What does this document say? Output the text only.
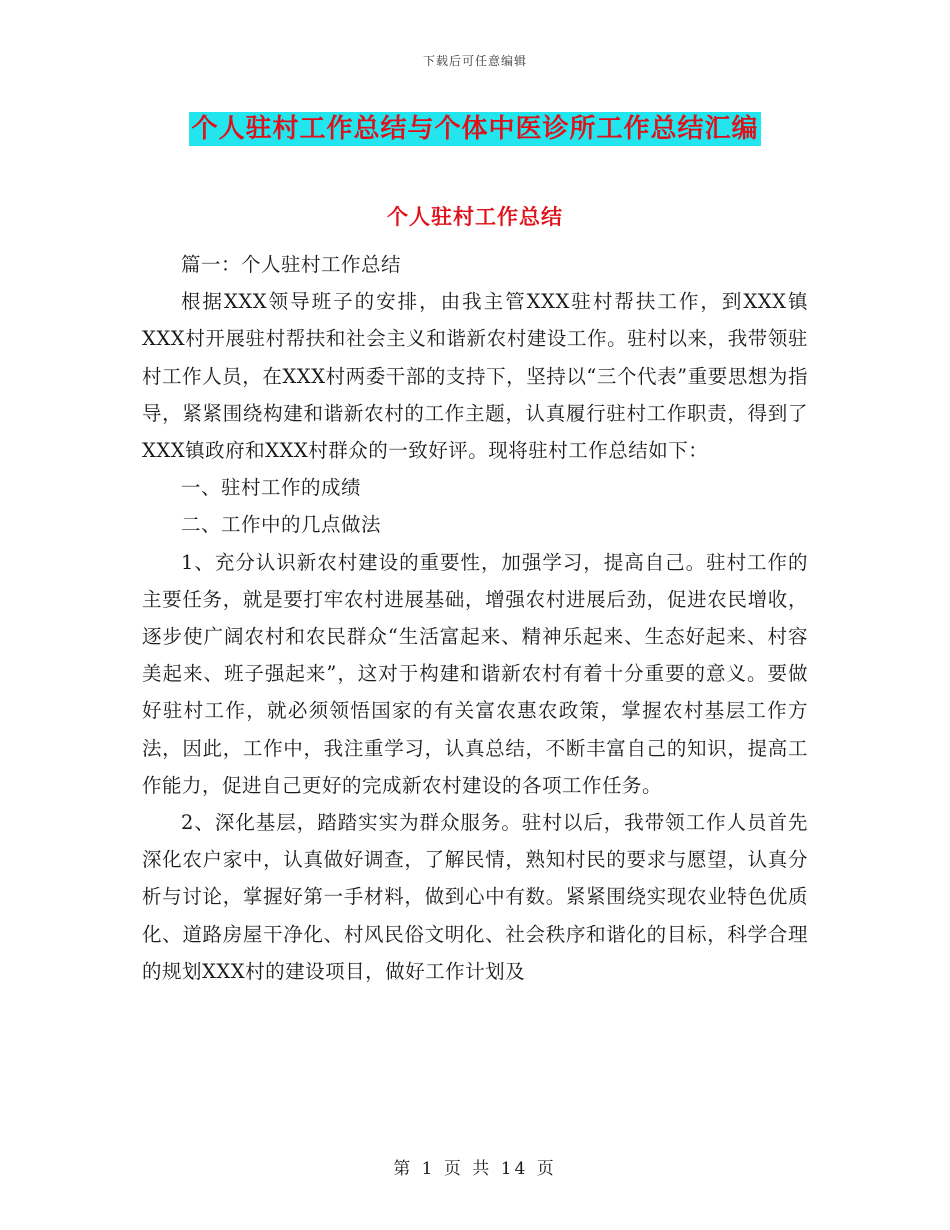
下载后可任意编辑
个人驻村工作总结与个体中医诊所工作总结汇编
个人驻村工作总结

篇一：个人驻村工作总结

根据XXX领导班子的安排，由我主管XXX驻村帮扶工作，到XXX镇XXX村开展驻村帮扶和社会主义和谐新农村建设工作。驻村以来，我带领驻村工作人员，在XXX村两委干部的支持下，坚持以“三个代表”重要思想为指导，紧紧围绕构建和谐新农村的工作主题，认真履行驻村工作职责，得到了XXX镇政府和XXX村群众的一致好评。现将驻村工作总结如下：

一、驻村工作的成绩

二、工作中的几点做法

1、充分认识新农村建设的重要性，加强学习，提高自己。驻村工作的主要任务，就是要打牢农村进展基础，增强农村进展后劲，促进农民增收，逐步使广阔农村和农民群众“生活富起来、精神乐起来、生态好起来、村容美起来、班子强起来”，这对于构建和谐新农村有着十分重要的意义。要做好驻村工作，就必须领悟国家的有关富农惠农政策，掌握农村基层工作方法，因此，工作中，我注重学习，认真总结，不断丰富自己的知识，提高工作能力，促进自己更好的完成新农村建设的各项工作任务。

2、深化基层，踏踏实实为群众服务。驻村以后，我带领工作人员首先深化农户家中，认真做好调查，了解民情，熟知村民的要求与愿望，认真分析与讨论，掌握好第一手材料，做到心中有数。紧紧围绕实现农业特色优质化、道路房屋干净化、村风民俗文明化、社会秩序和谐化的目标，科学合理的规划XXX村的建设项目，做好工作计划及

第 1 页 共 14 页
